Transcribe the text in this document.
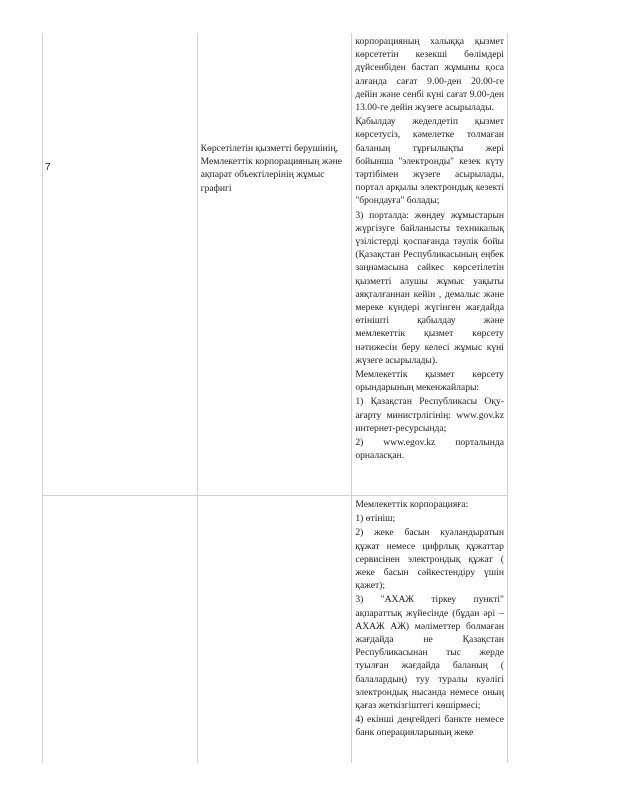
7
Көрсетілетін қызметті берушінің, Мемлекеттік корпорацияның және ақпарат объектілерінің жұмыс графигі

корпорацияның халыққа қызмет көрсететін кезекші бөлімдері дүйсенбіден бастап жұмыны қоса алғанда сағат 9.00-ден 20.00-ге дейін және сенбі күні сағат 9.00-ден 13.00-ге дейін жүзеге асырылады.

Қабылдау жеделдетіп қызмет көрсетусіз, кәмелетке толмаған баланың тұрғылықты жері бойынша "электронды" кезек күту тәртібімен жүзеге асырылады, портал арқылы электрондық кезекті "брондауға" болады;

3) порталда: жөндеу жұмыстарын жүргізуге байланысты техникалық үзілістерді қоспағанда тәулік бойы (Қазақстан Республикасының еңбек заңнамасына сәйкес көрсетілетін қызметті алушы жұмыс уақыты аяқталғаннан кейін , демалыс және мереке күндері жүгінген жағдайда өтінішті қабылдау және мемлекеттік қызмет көрсету нәтижесін беру келесі жұмыс күні жүзеге асырылады).

Мемлекеттік қызмет көрсету орындарының мекенжайлары:

1) Қазақстан Республикасы Оқу-ағарту министрлігінің: www.gov.kz интернет-ресурсында;

2) www.egov.kz порталында орналасқан.

Мемлекеттік корпорацияға:

1) өтініш;

2) жеке басын куәландыратын құжат немесе цифрлық құжаттар сервисінен электрондық құжат ( жеке басын сәйкестендіру үшін қажет);

3) "АХАЖ тіркеу пункті" ақпараттық жүйесінде (бұдан әрі – АХАЖ АЖ) мәліметтер болмаған жағдайда не Қазақстан Республикасынан тыс жерде туылған жағдайда баланың ( балалардың) туу туралы куәлігі электрондық нысанда немесе оның қағаз жеткізгіштегі көшірмесі;

4) екінші деңгейдегі банкте немесе банк операцияларының жеке
